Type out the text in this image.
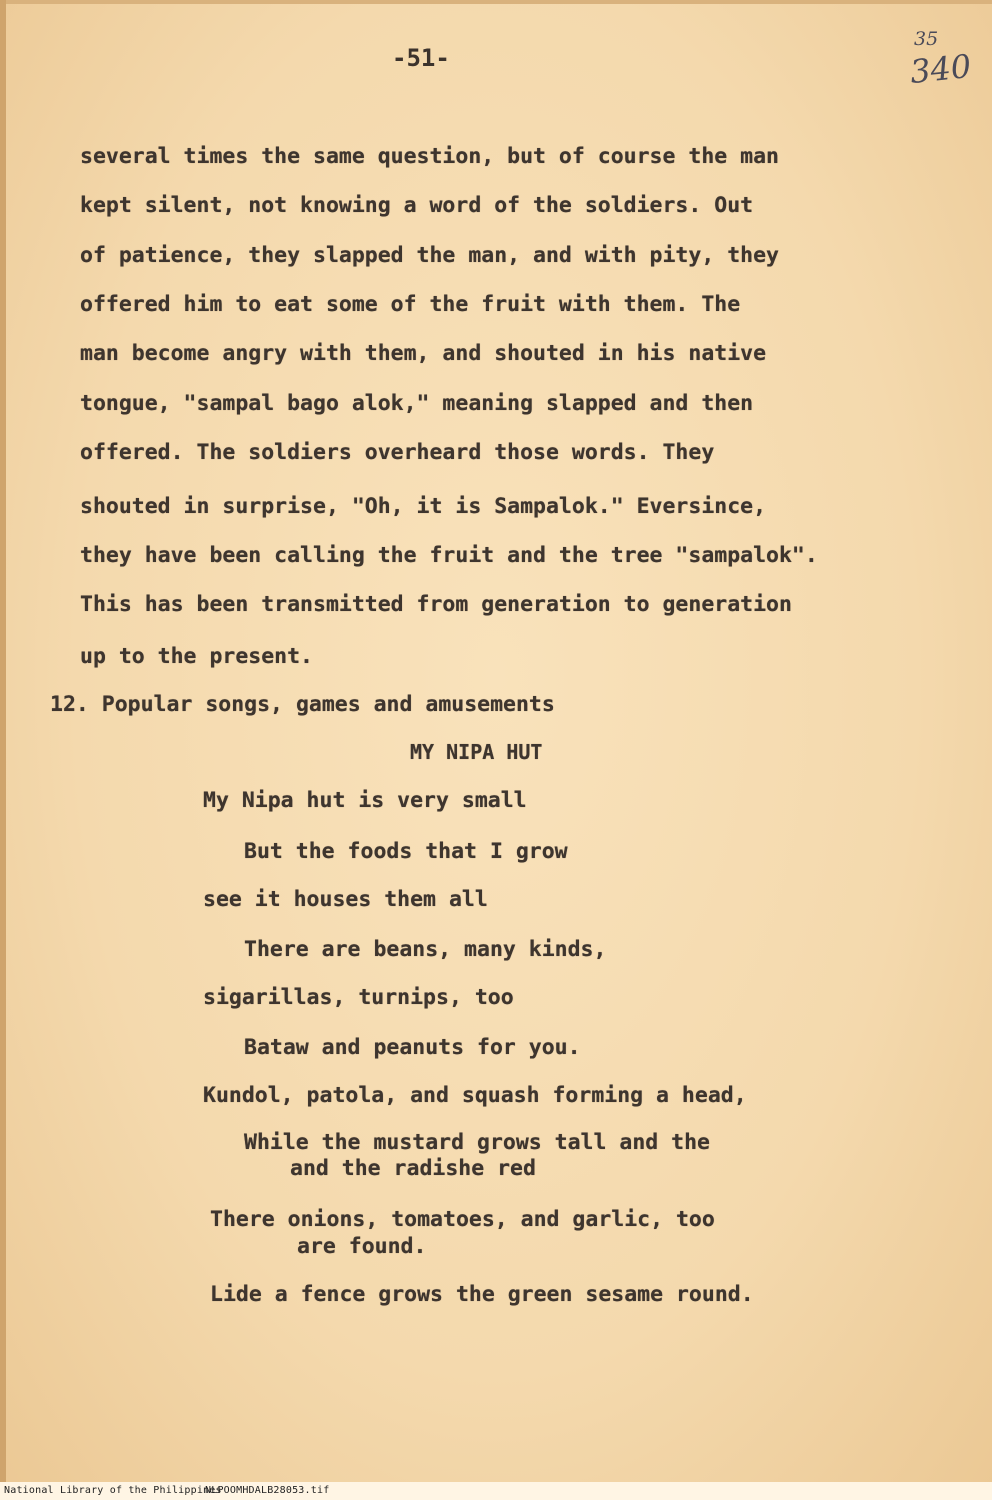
-51-
35
340
several times the same question, but of course the man
kept silent, not knowing a word of the soldiers. Out
of patience, they slapped the man, and with pity, they
offered him to eat some of the fruit with them. The
man become angry with them, and shouted in his native
tongue, "sampal bago alok," meaning slapped and then
offered. The soldiers overheard those words. They
shouted in surprise, "Oh, it is Sampalok." Eversince,
they have been calling the fruit and the tree "sampalok".
This has been transmitted from generation to generation
up to the present.
12. Popular songs, games and amusements
MY NIPA HUT
My Nipa hut is very small
But the foods that I grow
see it houses them all
There are beans, many kinds,
sigarillas, turnips, too
Bataw and peanuts for you.
Kundol, patola, and squash forming a head,
While the mustard grows tall and the
and the radishe red
There onions, tomatoes, and garlic, too
are found.
Lide a fence grows the green sesame round.
National Library of the Philippines
NLPOOMHDALB28053.tif
